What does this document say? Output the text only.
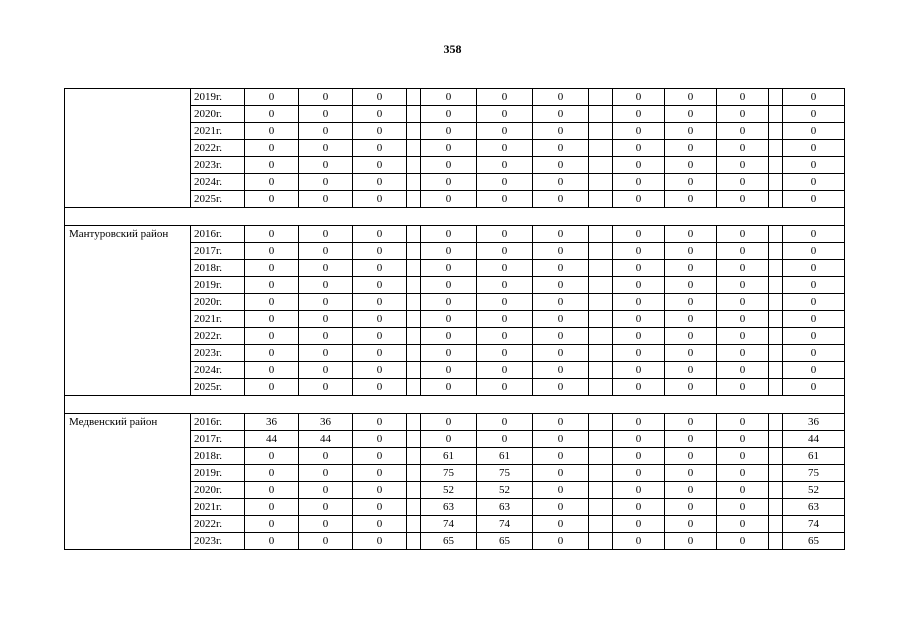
358
	2019г.	0	0	0		0	0	0		0	0	0		0
	2020г.	0	0	0		0	0	0		0	0	0		0
	2021г.	0	0	0		0	0	0		0	0	0		0
	2022г.	0	0	0		0	0	0		0	0	0		0
	2023г.	0	0	0		0	0	0		0	0	0		0
	2024г.	0	0	0		0	0	0		0	0	0		0
	2025г.	0	0	0		0	0	0		0	0	0		0

Мантуровский район	2016г.	0	0	0		0	0	0		0	0	0		0
	2017г.	0	0	0		0	0	0		0	0	0		0
	2018г.	0	0	0		0	0	0		0	0	0		0
	2019г.	0	0	0		0	0	0		0	0	0		0
	2020г.	0	0	0		0	0	0		0	0	0		0
	2021г.	0	0	0		0	0	0		0	0	0		0
	2022г.	0	0	0		0	0	0		0	0	0		0
	2023г.	0	0	0		0	0	0		0	0	0		0
	2024г.	0	0	0		0	0	0		0	0	0		0
	2025г.	0	0	0		0	0	0		0	0	0		0

Медвенский район	2016г.	36	36	0		0	0	0		0	0	0		36
	2017г.	44	44	0		0	0	0		0	0	0		44
	2018г.	0	0	0		61	61	0		0	0	0		61
	2019г.	0	0	0		75	75	0		0	0	0		75
	2020г.	0	0	0		52	52	0		0	0	0		52
	2021г.	0	0	0		63	63	0		0	0	0		63
	2022г.	0	0	0		74	74	0		0	0	0		74
	2023г.	0	0	0		65	65	0		0	0	0		65
